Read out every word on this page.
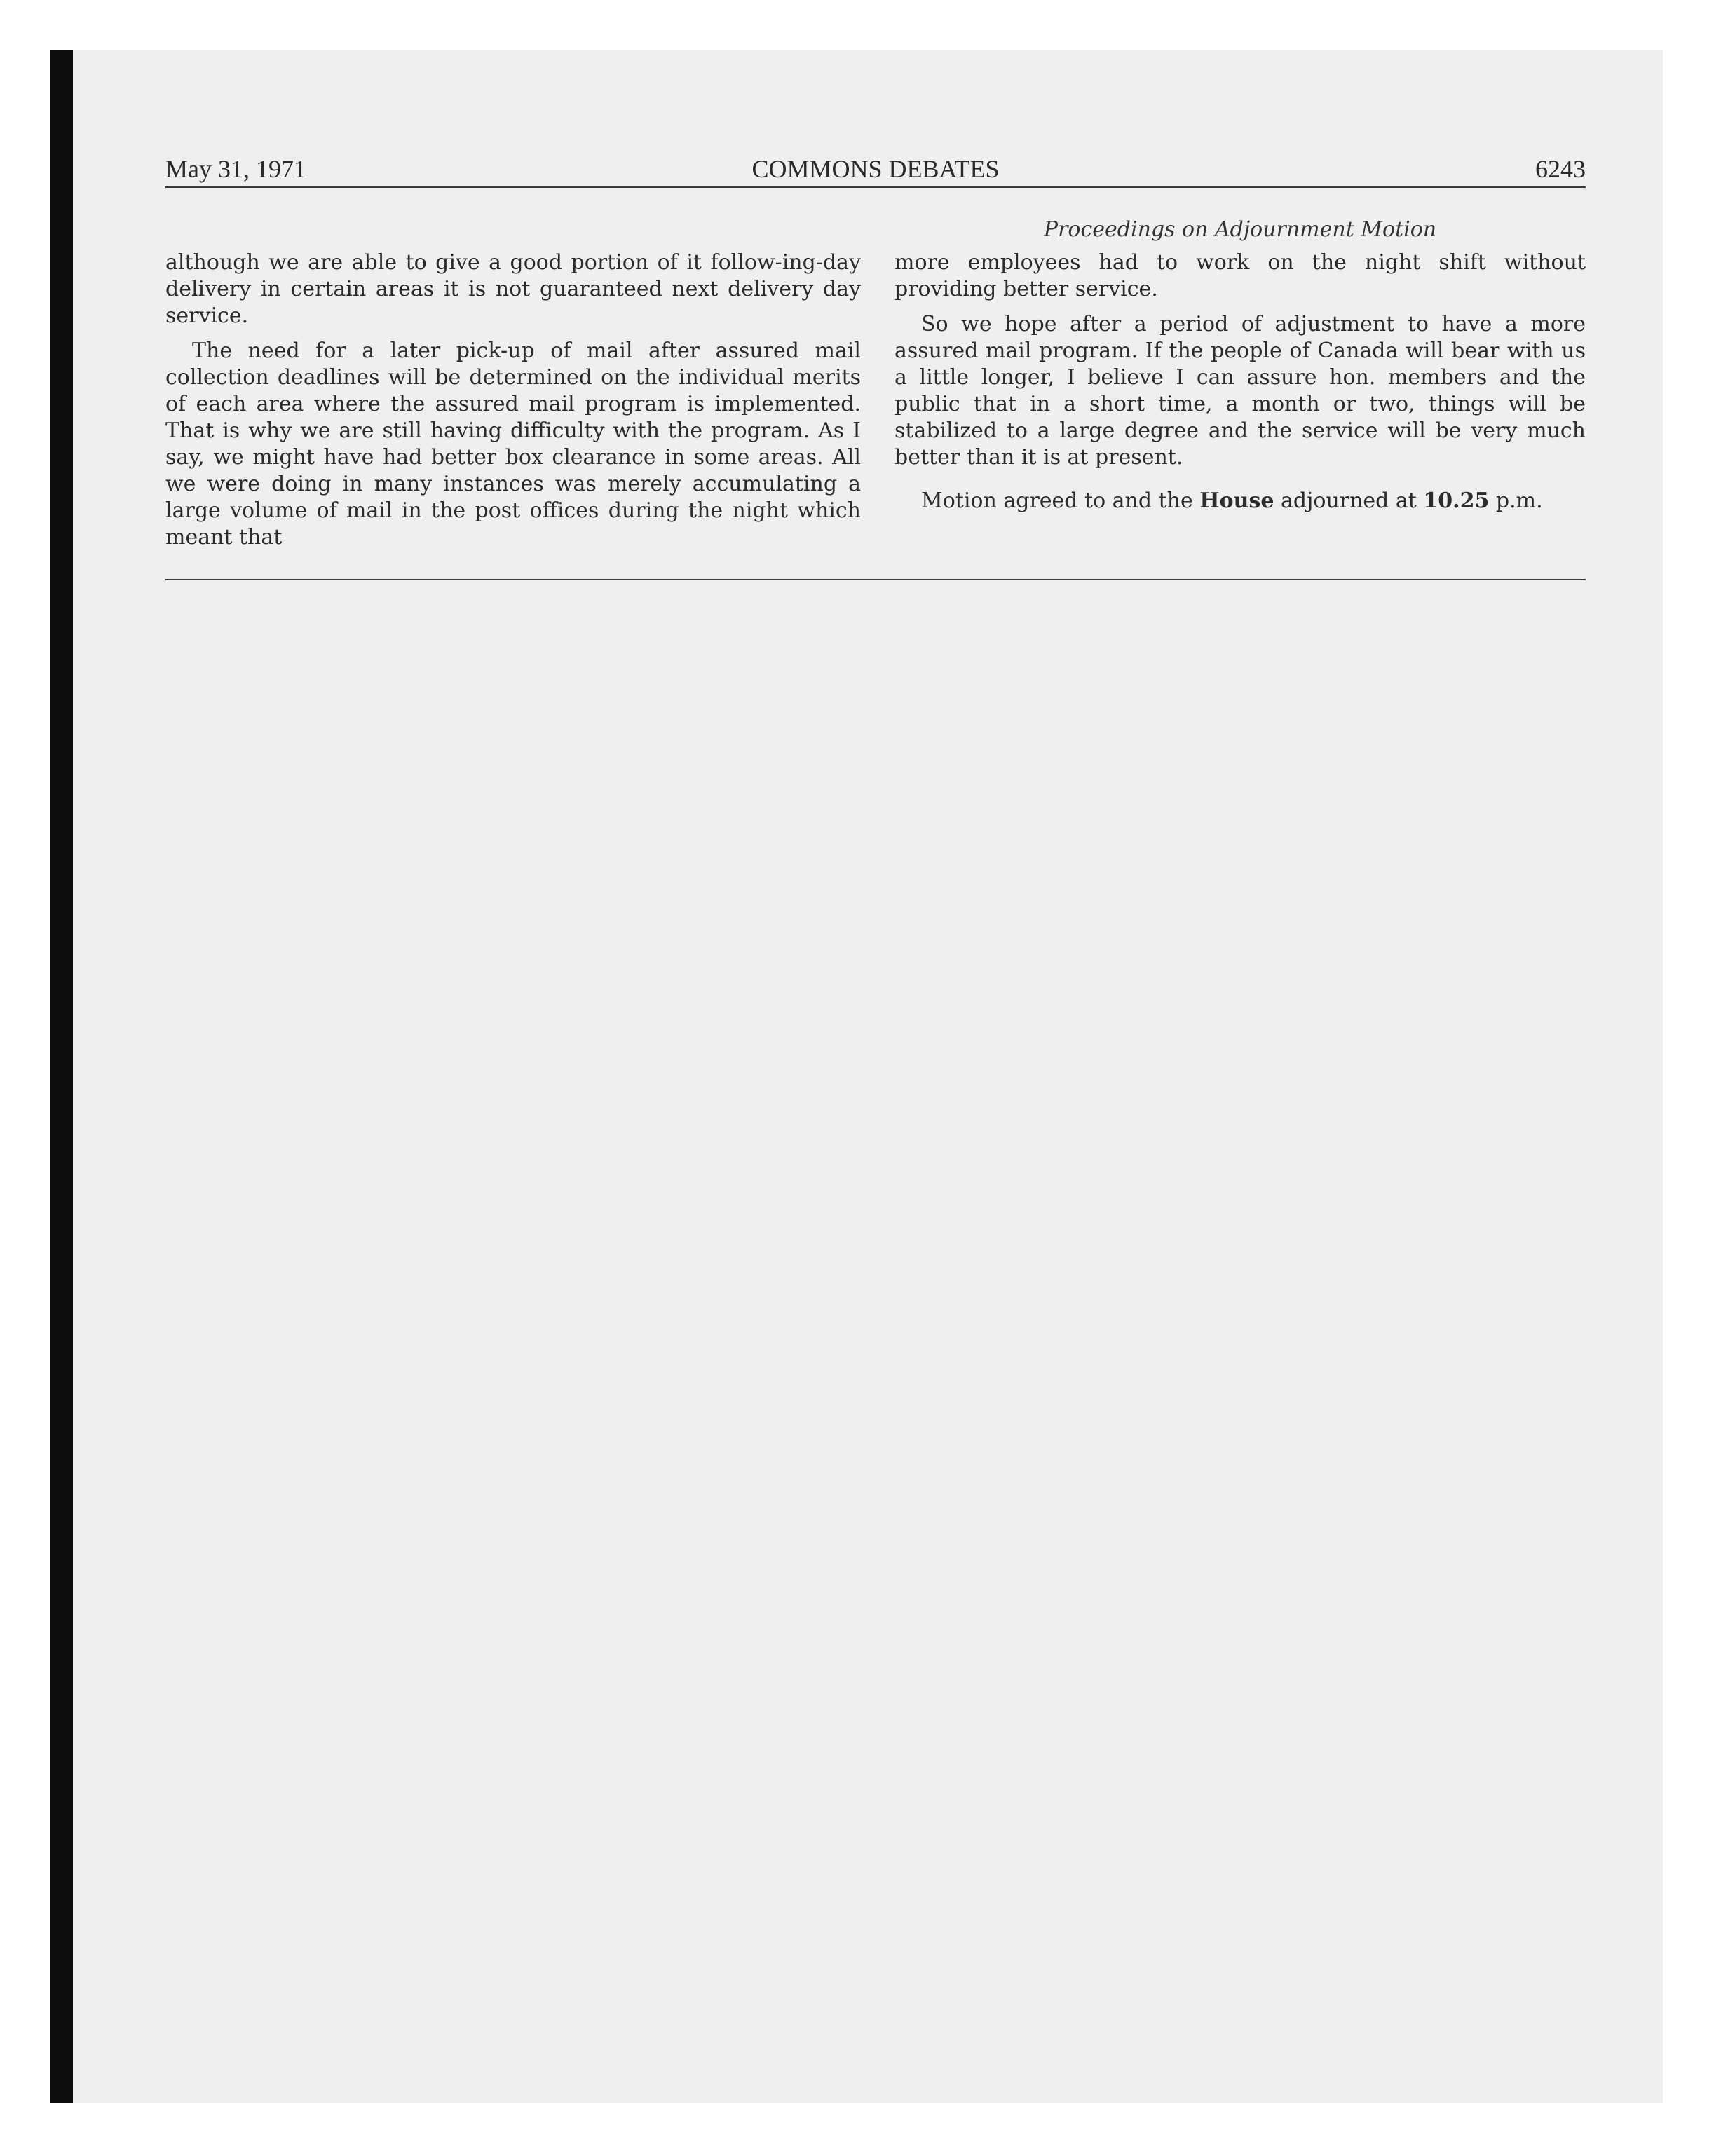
May 31, 1971	COMMONS DEBATES	6243
Proceedings on Adjournment Motion

although we are able to give a good portion of it follow-ing-day delivery in certain areas it is not guaranteed next delivery day service.

The need for a later pick-up of mail after assured mail collection deadlines will be determined on the individual merits of each area where the assured mail program is implemented. That is why we are still having difficulty with the program. As I say, we might have had better box clearance in some areas. All we were doing in many instances was merely accumulating a large volume of mail in the post offices during the night which meant that

more employees had to work on the night shift without providing better service.

So we hope after a period of adjustment to have a more assured mail program. If the people of Canada will bear with us a little longer, I believe I can assure hon. members and the public that in a short time, a month or two, things will be stabilized to a large degree and the service will be very much better than it is at present.

Motion agreed to and the House adjourned at 10.25 p.m.
